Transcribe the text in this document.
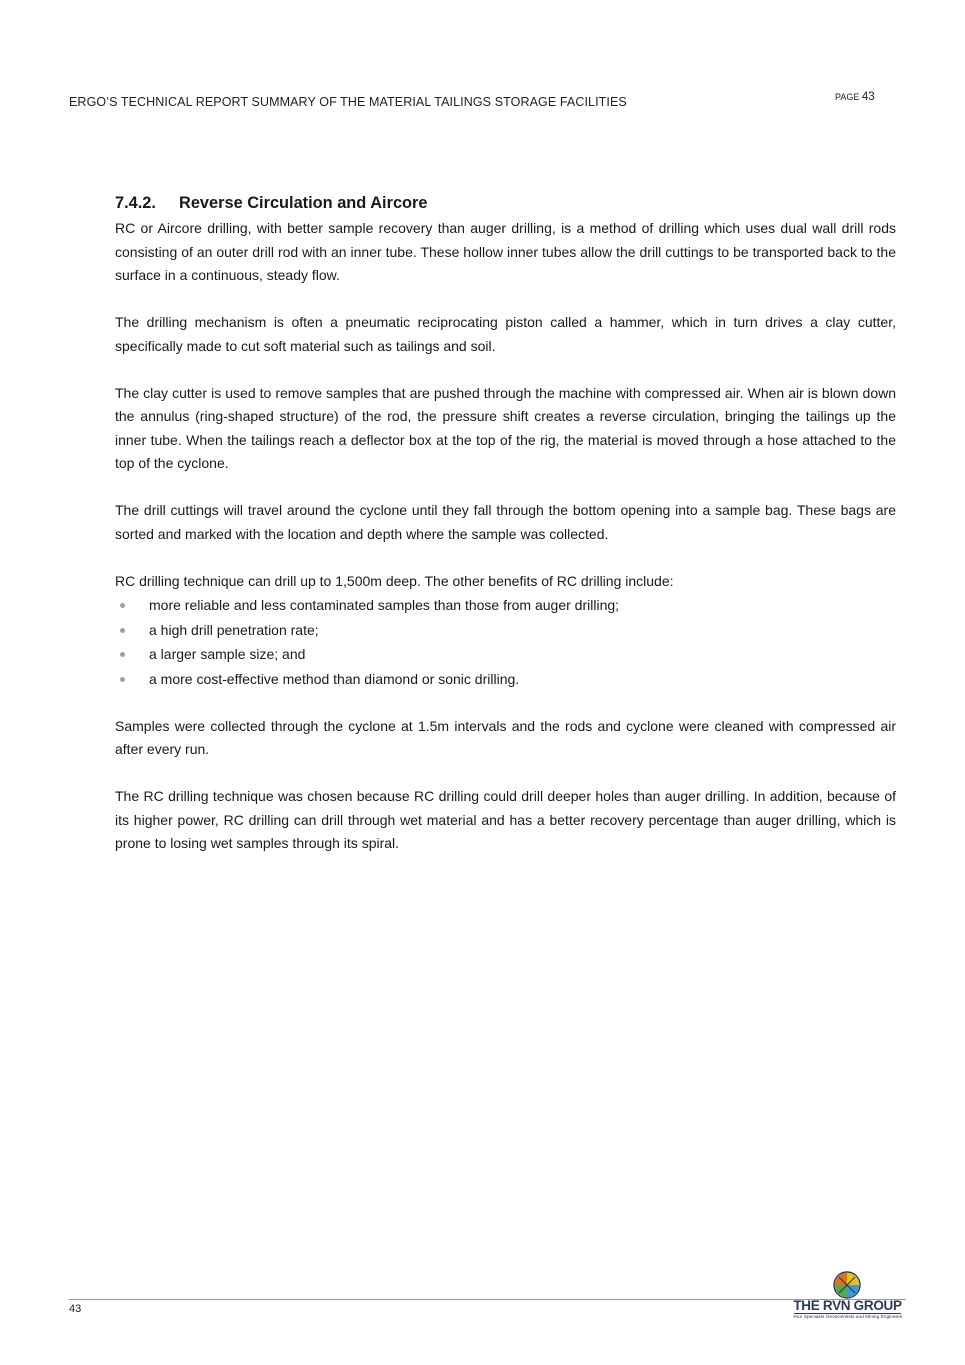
ERGO’S TECHNICAL REPORT SUMMARY OF THE MATERIAL TAILINGS STORAGE FACILITIES	PAGE 43
7.4.2. Reverse Circulation and Aircore

RC or Aircore drilling, with better sample recovery than auger drilling, is a method of drilling which uses dual wall drill rods consisting of an outer drill rod with an inner tube. These hollow inner tubes allow the drill cuttings to be transported back to the surface in a continuous, steady flow.

The drilling mechanism is often a pneumatic reciprocating piston called a hammer, which in turn drives a clay cutter, specifically made to cut soft material such as tailings and soil.

The clay cutter is used to remove samples that are pushed through the machine with compressed air. When air is blown down the annulus (ring-shaped structure) of the rod, the pressure shift creates a reverse circulation, bringing the tailings up the inner tube. When the tailings reach a deflector box at the top of the rig, the material is moved through a hose attached to the top of the cyclone.

The drill cuttings will travel around the cyclone until they fall through the bottom opening into a sample bag. These bags are sorted and marked with the location and depth where the sample was collected.

RC drilling technique can drill up to 1,500m deep. The other benefits of RC drilling include:

more reliable and less contaminated samples than those from auger drilling;
a high drill penetration rate;
a larger sample size; and
a more cost-effective method than diamond or sonic drilling.

Samples were collected through the cyclone at 1.5m intervals and the rods and cyclone were cleaned with compressed air after every run.

The RC drilling technique was chosen because RC drilling could drill deeper holes than auger drilling. In addition, because of its higher power, RC drilling can drill through wet material and has a better recovery percentage than auger drilling, which is prone to losing wet samples through its spiral.

43	THE RVN GROUP
Your Specialist Geoscientists and Mining Engineers
